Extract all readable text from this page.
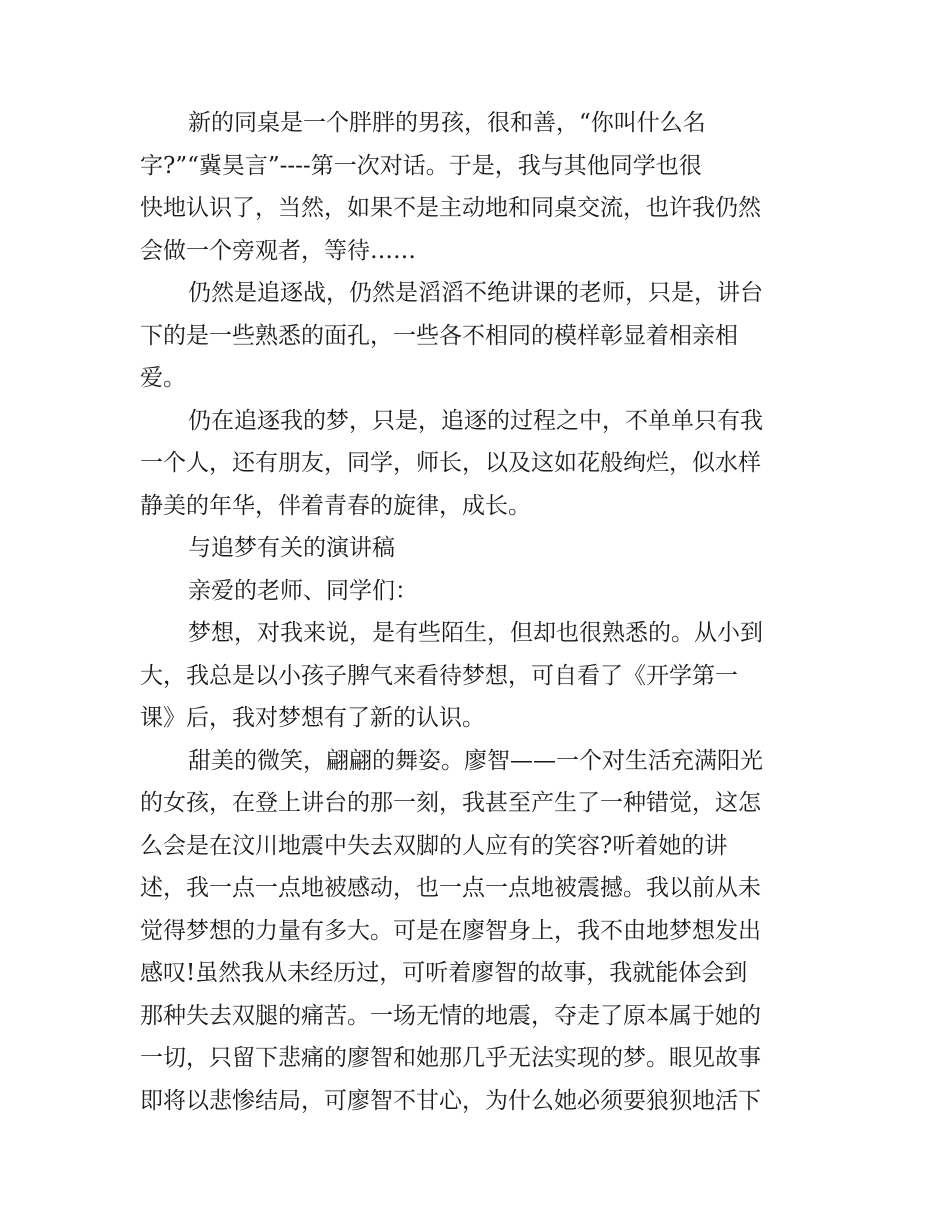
新的同桌是一个胖胖的男孩，很和善，“你叫什么名
字?”“冀昊言”----第一次对话。于是，我与其他同学也很
快地认识了，当然，如果不是主动地和同桌交流，也许我仍然
会做一个旁观者，等待……
仍然是追逐战，仍然是滔滔不绝讲课的老师，只是，讲台
下的是一些熟悉的面孔，一些各不相同的模样彰显着相亲相
爱。
仍在追逐我的梦，只是，追逐的过程之中，不单单只有我
一个人，还有朋友，同学，师长，以及这如花般绚烂，似水样
静美的年华，伴着青春的旋律，成长。
与追梦有关的演讲稿
亲爱的老师、同学们：
梦想，对我来说，是有些陌生，但却也很熟悉的。从小到
大，我总是以小孩子脾气来看待梦想，可自看了《开学第一
课》后，我对梦想有了新的认识。
甜美的微笑，翩翩的舞姿。廖智——一个对生活充满阳光
的女孩，在登上讲台的那一刻，我甚至产生了一种错觉，这怎
么会是在汶川地震中失去双脚的人应有的笑容?听着她的讲
述，我一点一点地被感动，也一点一点地被震撼。我以前从未
觉得梦想的力量有多大。可是在廖智身上，我不由地梦想发出
感叹!虽然我从未经历过，可听着廖智的故事，我就能体会到
那种失去双腿的痛苦。一场无情的地震，夺走了原本属于她的
一切，只留下悲痛的廖智和她那几乎无法实现的梦。眼见故事
即将以悲惨结局，可廖智不甘心，为什么她必须要狼狈地活下
